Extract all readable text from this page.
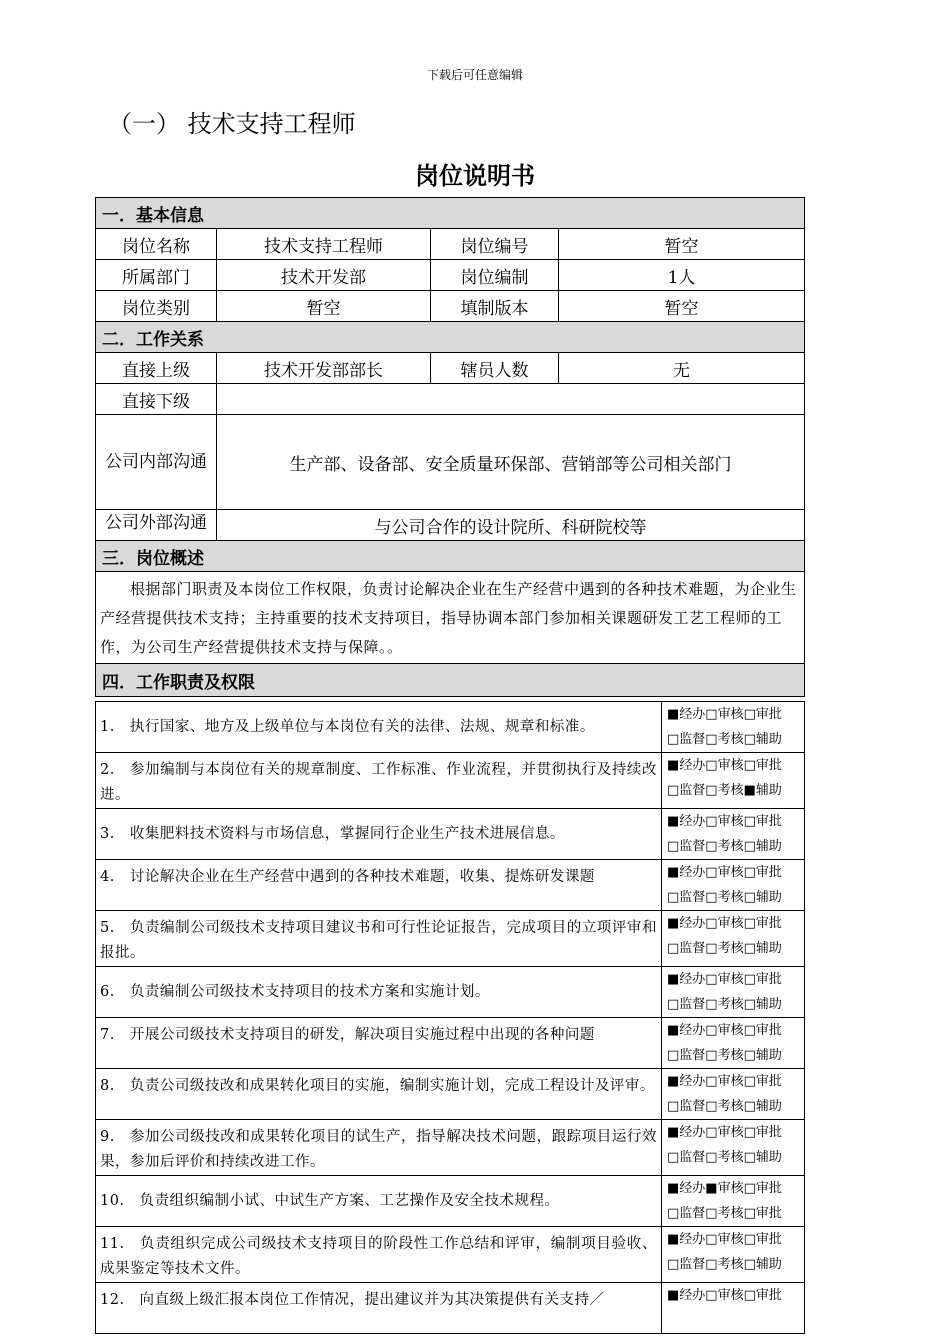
下载后可任意编辑
（一） 技术支持工程师
岗位说明书
一．基本信息			
岗位名称	技术支持工程师	岗位编号	暂空
所属部门	技术开发部	岗位编制	1人
岗位类别	暂空	填制版本	暂空
二．工作关系			
直接上级	技术开发部部长	辖员人数	无
直接下级			
公司内部沟通	生产部、设备部、安全质量环保部、营销部等公司相关部门		
公司外部沟通	与公司合作的设计院所、科研院校等		
三．岗位概述			
根据部门职责及本岗位工作权限，负责讨论解决企业在生产经营中遇到的各种技术难题，为企业生产经营提供技术支持；主持重要的技术支持项目，指导协调本部门参加相关课题研发工艺工程师的工作，为公司生产经营提供技术支持与保障。。			
四．工作职责及权限			
1.　执行国家、地方及上级单位与本岗位有关的法律、法规、规章和标准。	■经办□审核□审批
□监督□考核□辅助

2.　参加编制与本岗位有关的规章制度、工作标准、作业流程，并贯彻执行及持续改进。	■经办□审核□审批
□监督□考核■辅助

3.　收集肥料技术资料与市场信息，掌握同行企业生产技术进展信息。	■经办□审核□审批
□监督□考核□辅助

4.　讨论解决企业在生产经营中遇到的各种技术难题，收集、提炼研发课题	■经办□审核□审批
□监督□考核□辅助

5.　负责编制公司级技术支持项目建议书和可行性论证报告，完成项目的立项评审和报批。	■经办□审核□审批
□监督□考核□辅助

6.　负责编制公司级技术支持项目的技术方案和实施计划。	■经办□审核□审批
□监督□考核□辅助

7.　开展公司级技术支持项目的研发，解决项目实施过程中出现的各种问题	■经办□审核□审批
□监督□考核□辅助

8.　负责公司级技改和成果转化项目的实施，编制实施计划，完成工程设计及评审。	■经办□审核□审批
□监督□考核□辅助

9.　参加公司级技改和成果转化项目的试生产，指导解决技术问题，跟踪项目运行效果，参加后评价和持续改进工作。	■经办□审核□审批
□监督□考核□辅助

10.　负责组织编制小试、中试生产方案、工艺操作及安全技术规程。	■经办■审核□审批
□监督□考核□审批

11.　负责组织完成公司级技术支持项目的阶段性工作总结和评审，编制项目验收、成果鉴定等技术文件。	■经办□审核□审批
□监督□考核□辅助

12.　向直级上级汇报本岗位工作情况，提出建议并为其决策提供有关支持／	■经办□审核□审批
